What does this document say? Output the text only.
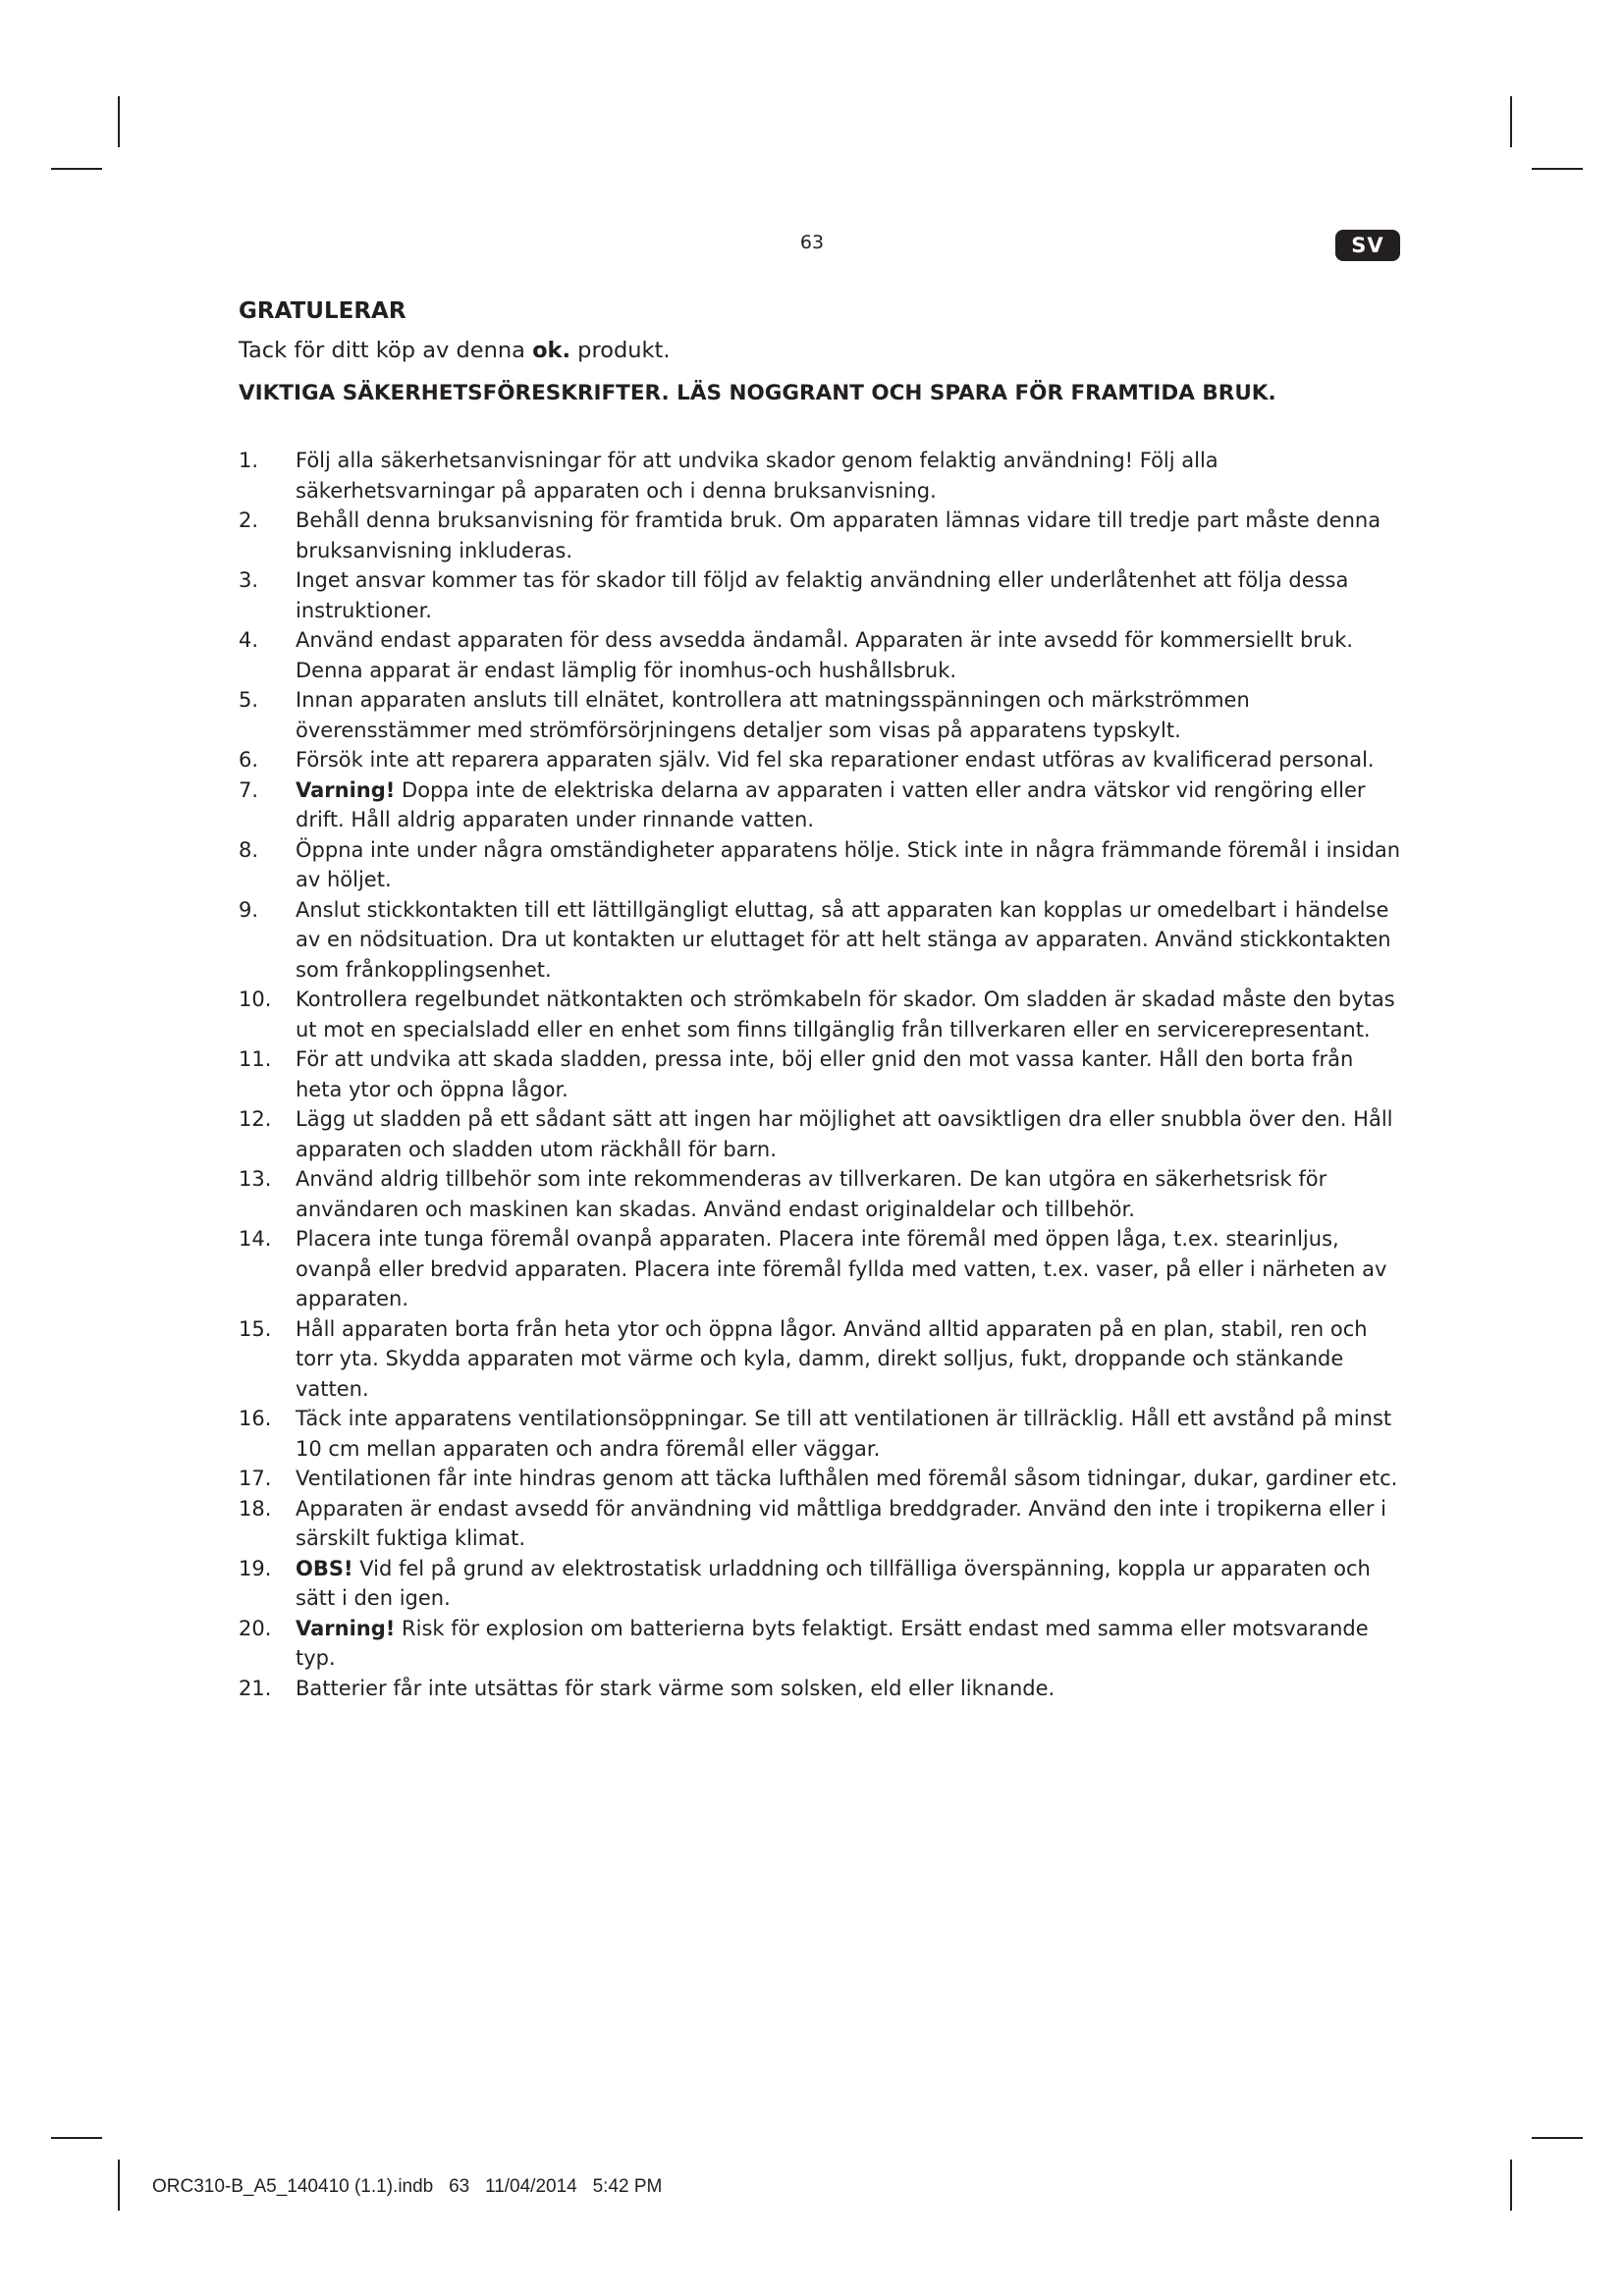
63	SV

GRATULERAR

Tack för ditt köp av denna ok. produkt.

VIKTIGA SÄKERHETSFÖRESKRIFTER. LÄS NOGGRANT OCH SPARA FÖR FRAMTIDA BRUK.

1. Följ alla säkerhetsanvisningar för att undvika skador genom felaktig användning! Följ alla säkerhetsvarningar på apparaten och i denna bruksanvisning.
2. Behåll denna bruksanvisning för framtida bruk. Om apparaten lämnas vidare till tredje part måste denna bruksanvisning inkluderas.
3. Inget ansvar kommer tas för skador till följd av felaktig användning eller underlåtenhet att följa dessa instruktioner.
4. Använd endast apparaten för dess avsedda ändamål. Apparaten är inte avsedd för kommersiellt bruk. Denna apparat är endast lämplig för inomhus-och hushållsbruk.
5. Innan apparaten ansluts till elnätet, kontrollera att matningsspänningen och märkströmmen överensstämmer med strömförsörjningens detaljer som visas på apparatens typskylt.
6. Försök inte att reparera apparaten själv. Vid fel ska reparationer endast utföras av kvalificerad personal.
7. Varning! Doppa inte de elektriska delarna av apparaten i vatten eller andra vätskor vid rengöring eller drift. Håll aldrig apparaten under rinnande vatten.
8. Öppna inte under några omständigheter apparatens hölje. Stick inte in några främmande föremål i insidan av höljet.
9. Anslut stickkontakten till ett lättillgängligt eluttag, så att apparaten kan kopplas ur omedelbart i händelse av en nödsituation. Dra ut kontakten ur eluttaget för att helt stänga av apparaten. Använd stickkontakten som frånkopplingsenhet.
10. Kontrollera regelbundet nätkontakten och strömkabeln för skador. Om sladden är skadad måste den bytas ut mot en specialsladd eller en enhet som finns tillgänglig från tillverkaren eller en servicerepresentant.
11. För att undvika att skada sladden, pressa inte, böj eller gnid den mot vassa kanter. Håll den borta från heta ytor och öppna lågor.
12. Lägg ut sladden på ett sådant sätt att ingen har möjlighet att oavsiktligen dra eller snubbla över den. Håll apparaten och sladden utom räckhåll för barn.
13. Använd aldrig tillbehör som inte rekommenderas av tillverkaren. De kan utgöra en säkerhetsrisk för användaren och maskinen kan skadas. Använd endast originaldelar och tillbehör.
14. Placera inte tunga föremål ovanpå apparaten. Placera inte föremål med öppen låga, t.ex. stearinljus, ovanpå eller bredvid apparaten. Placera inte föremål fyllda med vatten, t.ex. vaser, på eller i närheten av apparaten.
15. Håll apparaten borta från heta ytor och öppna lågor. Använd alltid apparaten på en plan, stabil, ren och torr yta. Skydda apparaten mot värme och kyla, damm, direkt solljus, fukt, droppande och stänkande vatten.
16. Täck inte apparatens ventilationsöppningar. Se till att ventilationen är tillräcklig. Håll ett avstånd på minst 10 cm mellan apparaten och andra föremål eller väggar.
17. Ventilationen får inte hindras genom att täcka lufthålen med föremål såsom tidningar, dukar, gardiner etc.
18. Apparaten är endast avsedd för användning vid måttliga breddgrader. Använd den inte i tropikerna eller i särskilt fuktiga klimat.
19. OBS! Vid fel på grund av elektrostatisk urladdning och tillfälliga överspänning, koppla ur apparaten och sätt i den igen.
20. Varning! Risk för explosion om batterierna byts felaktigt. Ersätt endast med samma eller motsvarande typ.
21. Batterier får inte utsättas för stark värme som solsken, eld eller liknande.
ORC310-B_A5_140410 (1.1).indb   63   11/04/2014   5:42 PM
